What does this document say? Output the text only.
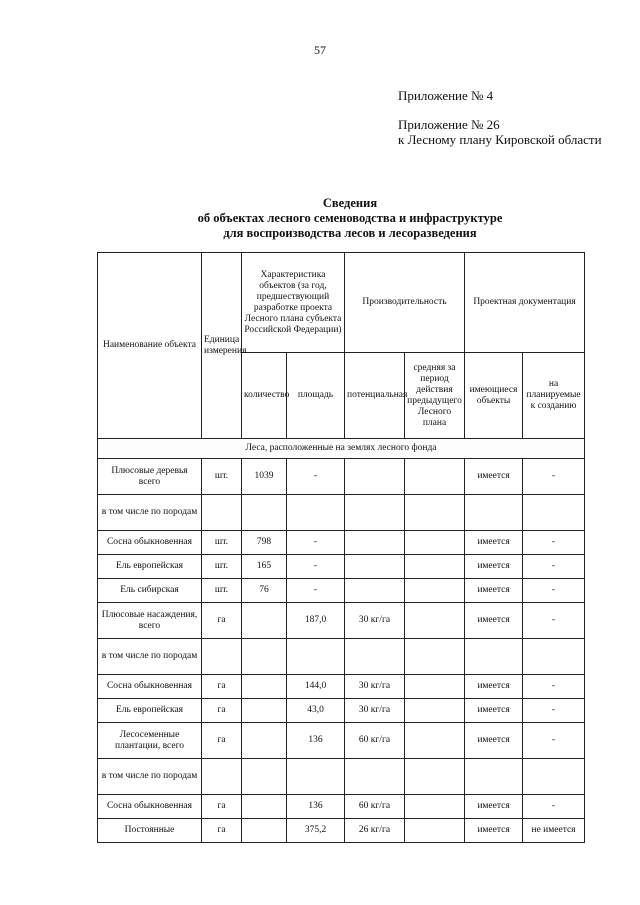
57
Приложение № 4
Приложение № 26
к Лесному плану Кировской области
Сведения
об объектах лесного семеноводства и инфраструктуре
для воспроизводства лесов и лесоразведения
Наименование объекта	Единица измерения	Характеристика объектов (за год, предшествующий разработке проекта Лесного плана субъекта Российской Федерации)		Производительность		Проектная документация	
		количество	площадь	потенциальная	средняя за период действия предыдущего Лесного плана	имеющиеся объекты	на планируемые к созданию
Леса, расположенные на землях лесного фонда							
Плюсовые деревья всего	шт.	1039	-			имеется	-
в том числе по породам							
Сосна обыкновенная	шт.	798	-			имеется	-
Ель европейская	шт.	165	-			имеется	-
Ель сибирская	шт.	76	-			имеется	-
Плюсовые насаждения, всего	га		187,0	30 кг/га		имеется	-
в том числе по породам							
Сосна обыкновенная	га		144,0	30 кг/га		имеется	-
Ель европейская	га		43,0	30 кг/га		имеется	-
Лесосеменные плантации, всего	га		136	60 кг/га		имеется	-
в том числе по породам							
Сосна обыкновенная	га		136	60 кг/га		имеется	-
Постоянные	га		375,2	26 кг/га		имеется	не имеется
